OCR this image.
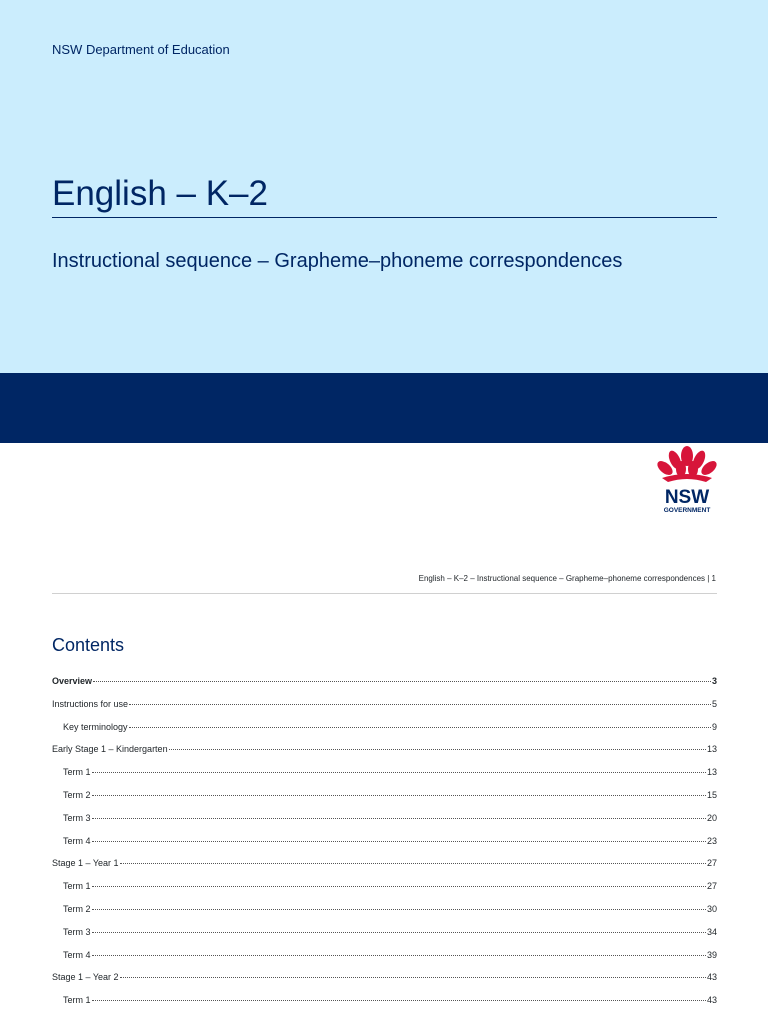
NSW Department of Education
English – K–2
Instructional sequence – Grapheme–phoneme correspondences
NSW
GOVERNMENT
English – K–2 – Instructional sequence – Grapheme–phoneme correspondences | 1
Contents
Overview	3
Instructions for use	5
Key terminology	9
Early Stage 1 – Kindergarten	13
Term 1	13
Term 2	15
Term 3	20
Term 4	23
Stage 1 – Year 1	27
Term 1	27
Term 2	30
Term 3	34
Term 4	39
Stage 1 – Year 2	43
Term 1	43
